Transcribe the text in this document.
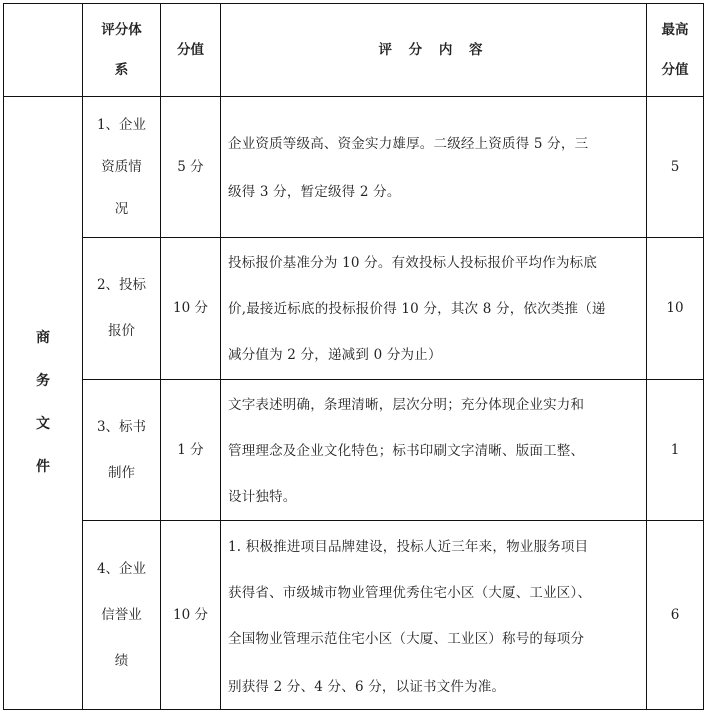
评分体
系
分值	评 分 内 容
最高
分值
商
务
文
件
1、企业
资质情
况
5 分
企业资质等级高、资金实力雄厚。二级经上资质得 5 分，三
级得 3 分，暂定级得 2 分。
5
2、投标
报价
10 分
投标报价基准分为 10 分。有效投标人投标报价平均作为标底
价,最接近标底的投标报价得 10 分，其次 8 分，依次类推（递
减分值为 2 分，递减到 0 分为止）
10
3、标书
制作
1 分
文字表述明确，条理清晰，层次分明；充分体现企业实力和
管理理念及企业文化特色；标书印刷文字清晰、版面工整、
设计独特。
1
4、企业
信誉业
绩
10 分
1. 积极推进项目品牌建设，投标人近三年来，物业服务项目
获得省、市级城市物业管理优秀住宅小区（大厦、工业区）、
全国物业管理示范住宅小区（大厦、工业区）称号的每项分
别获得 2 分、4 分、6 分，以证书文件为准。
6
